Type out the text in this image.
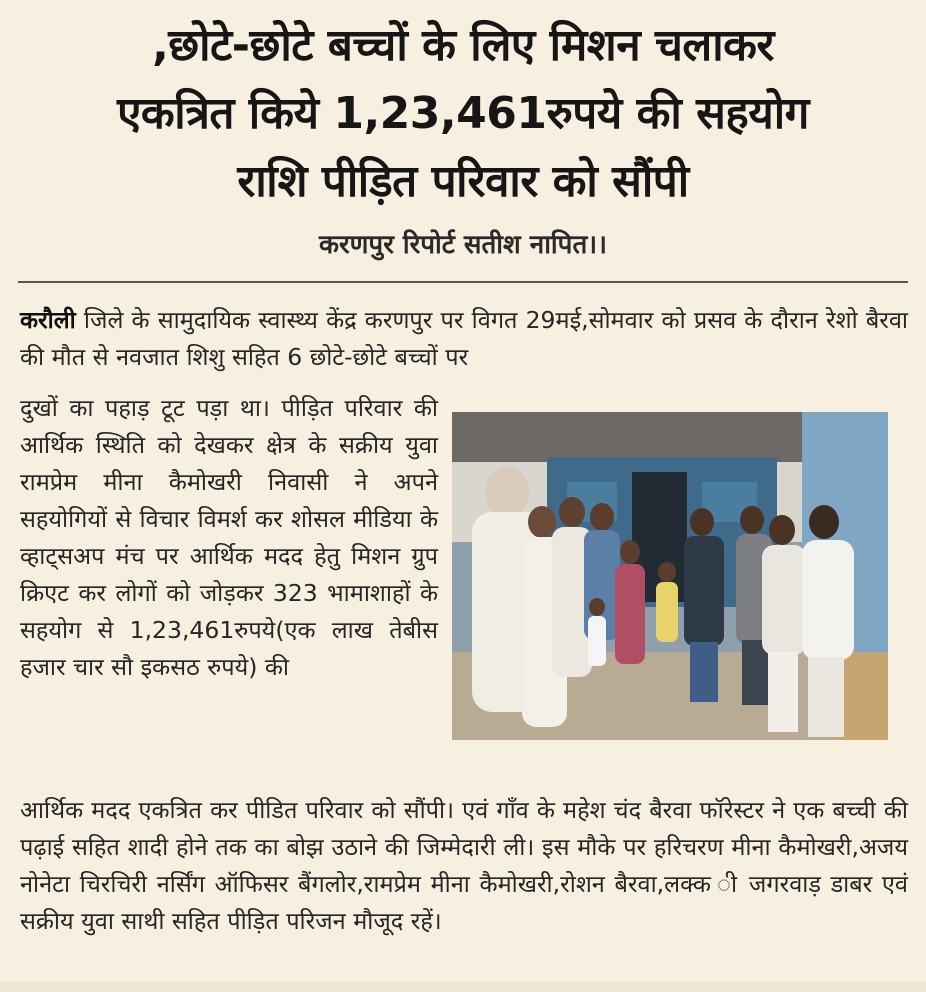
,छोटे-छोटे बच्चों के लिए मिशन चलाकर
एकत्रित किये 1,23,461रुपये की सहयोग
राशि पीड़ित परिवार को सौंपी
करणपुर रिपोर्ट सतीश नापित।।
करौली जिले के सामुदायिक स्वास्थ्य केंद्र करणपुर पर विगत 29मई,सोमवार को प्रसव के दौरान रेशो बैरवा की मौत से नवजात शिशु सहित 6 छोटे-छोटे बच्चों पर
दुखों का पहाड़ टूट पड़ा था। पीड़ित परिवार की आर्थिक स्थिति को देखकर क्षेत्र के सक्रीय युवा रामप्रेम मीना कैमोखरी निवासी ने अपने सहयोगियों से विचार विमर्श कर शोसल मीडिया के व्हाट्सअप मंच पर आर्थिक मदद हेतु मिशन ग्रुप क्रिएट कर लोगों को जोड़कर 323 भामाशाहों के सहयोग से 1,23,461रुपये(एक लाख तेबीस हजार चार सौ इकसठ रुपये) की
आर्थिक मदद एकत्रित कर पीडित परिवार को सौंपी। एवं गाँव के महेश चंद बैरवा फॉरेस्टर ने एक बच्ची की पढ़ाई सहित शादी होने तक का बोझ उठाने की जिम्मेदारी ली। इस मौके पर हरिचरण मीना कैमोखरी,अजय नोनेटा चिरचिरी नर्सिंग ऑफिसर बैंगलोर,रामप्रेम मीना कैमोखरी,रोशन बैरवा,लक्क ी जगरवाड़ डाबर एवं सक्रीय युवा साथी सहित पीड़ित परिजन मौजूद रहें।
